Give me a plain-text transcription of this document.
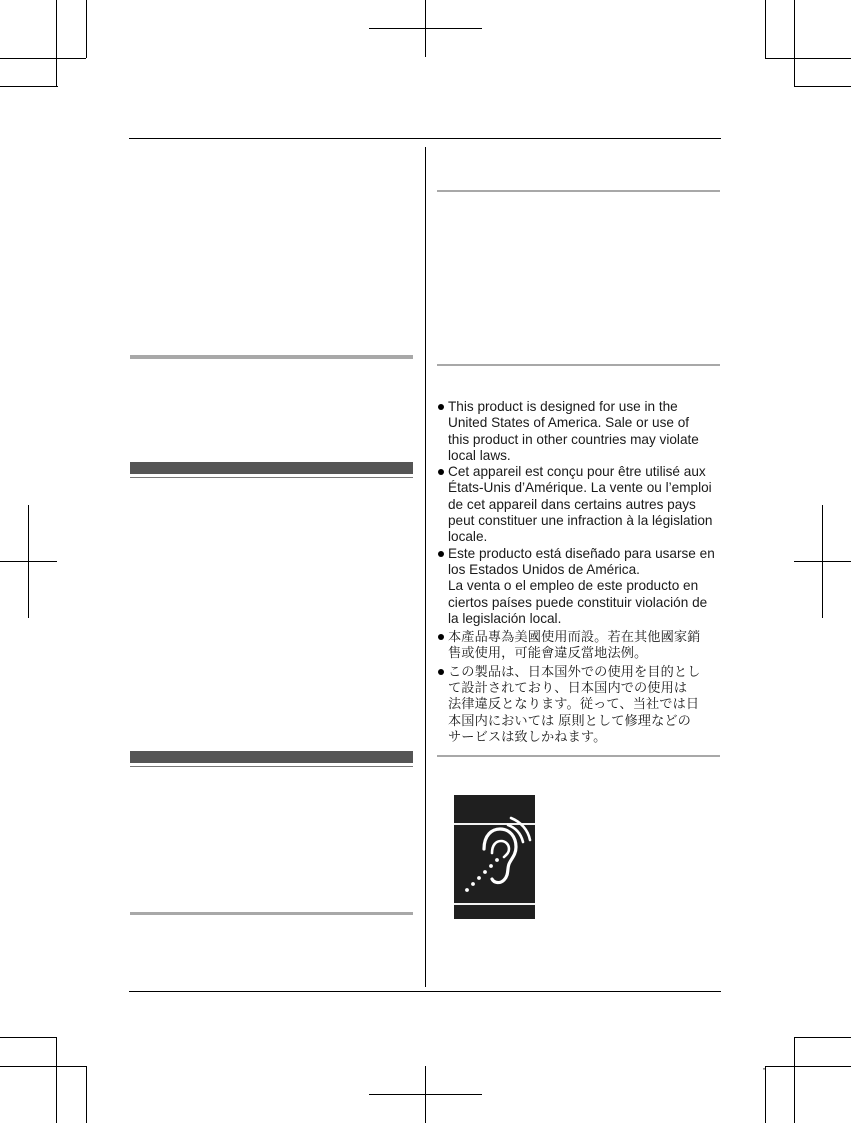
This product is designed for use in the
United States of America. Sale or use of
this product in other countries may violate
local laws.
Cet appareil est conçu pour être utilisé aux
États-Unis d’Amérique. La vente ou l’emploi
de cet appareil dans certains autres pays
peut constituer une infraction à la législation
locale.
Este producto está diseñado para usarse en
los Estados Unidos de América.
La venta o el empleo de este producto en
ciertos países puede constituir violación de
la legislación local.
本產品專為美國使用而設。若在其他國家銷
售或使用，可能會違反當地法例。
この製品は、日本国外での使用を目的とし
て設計されており、日本国内での使用は
法律違反となります。従って、当社では日
本国内においては 原則として修理などの
サービスは致しかねます。
·
